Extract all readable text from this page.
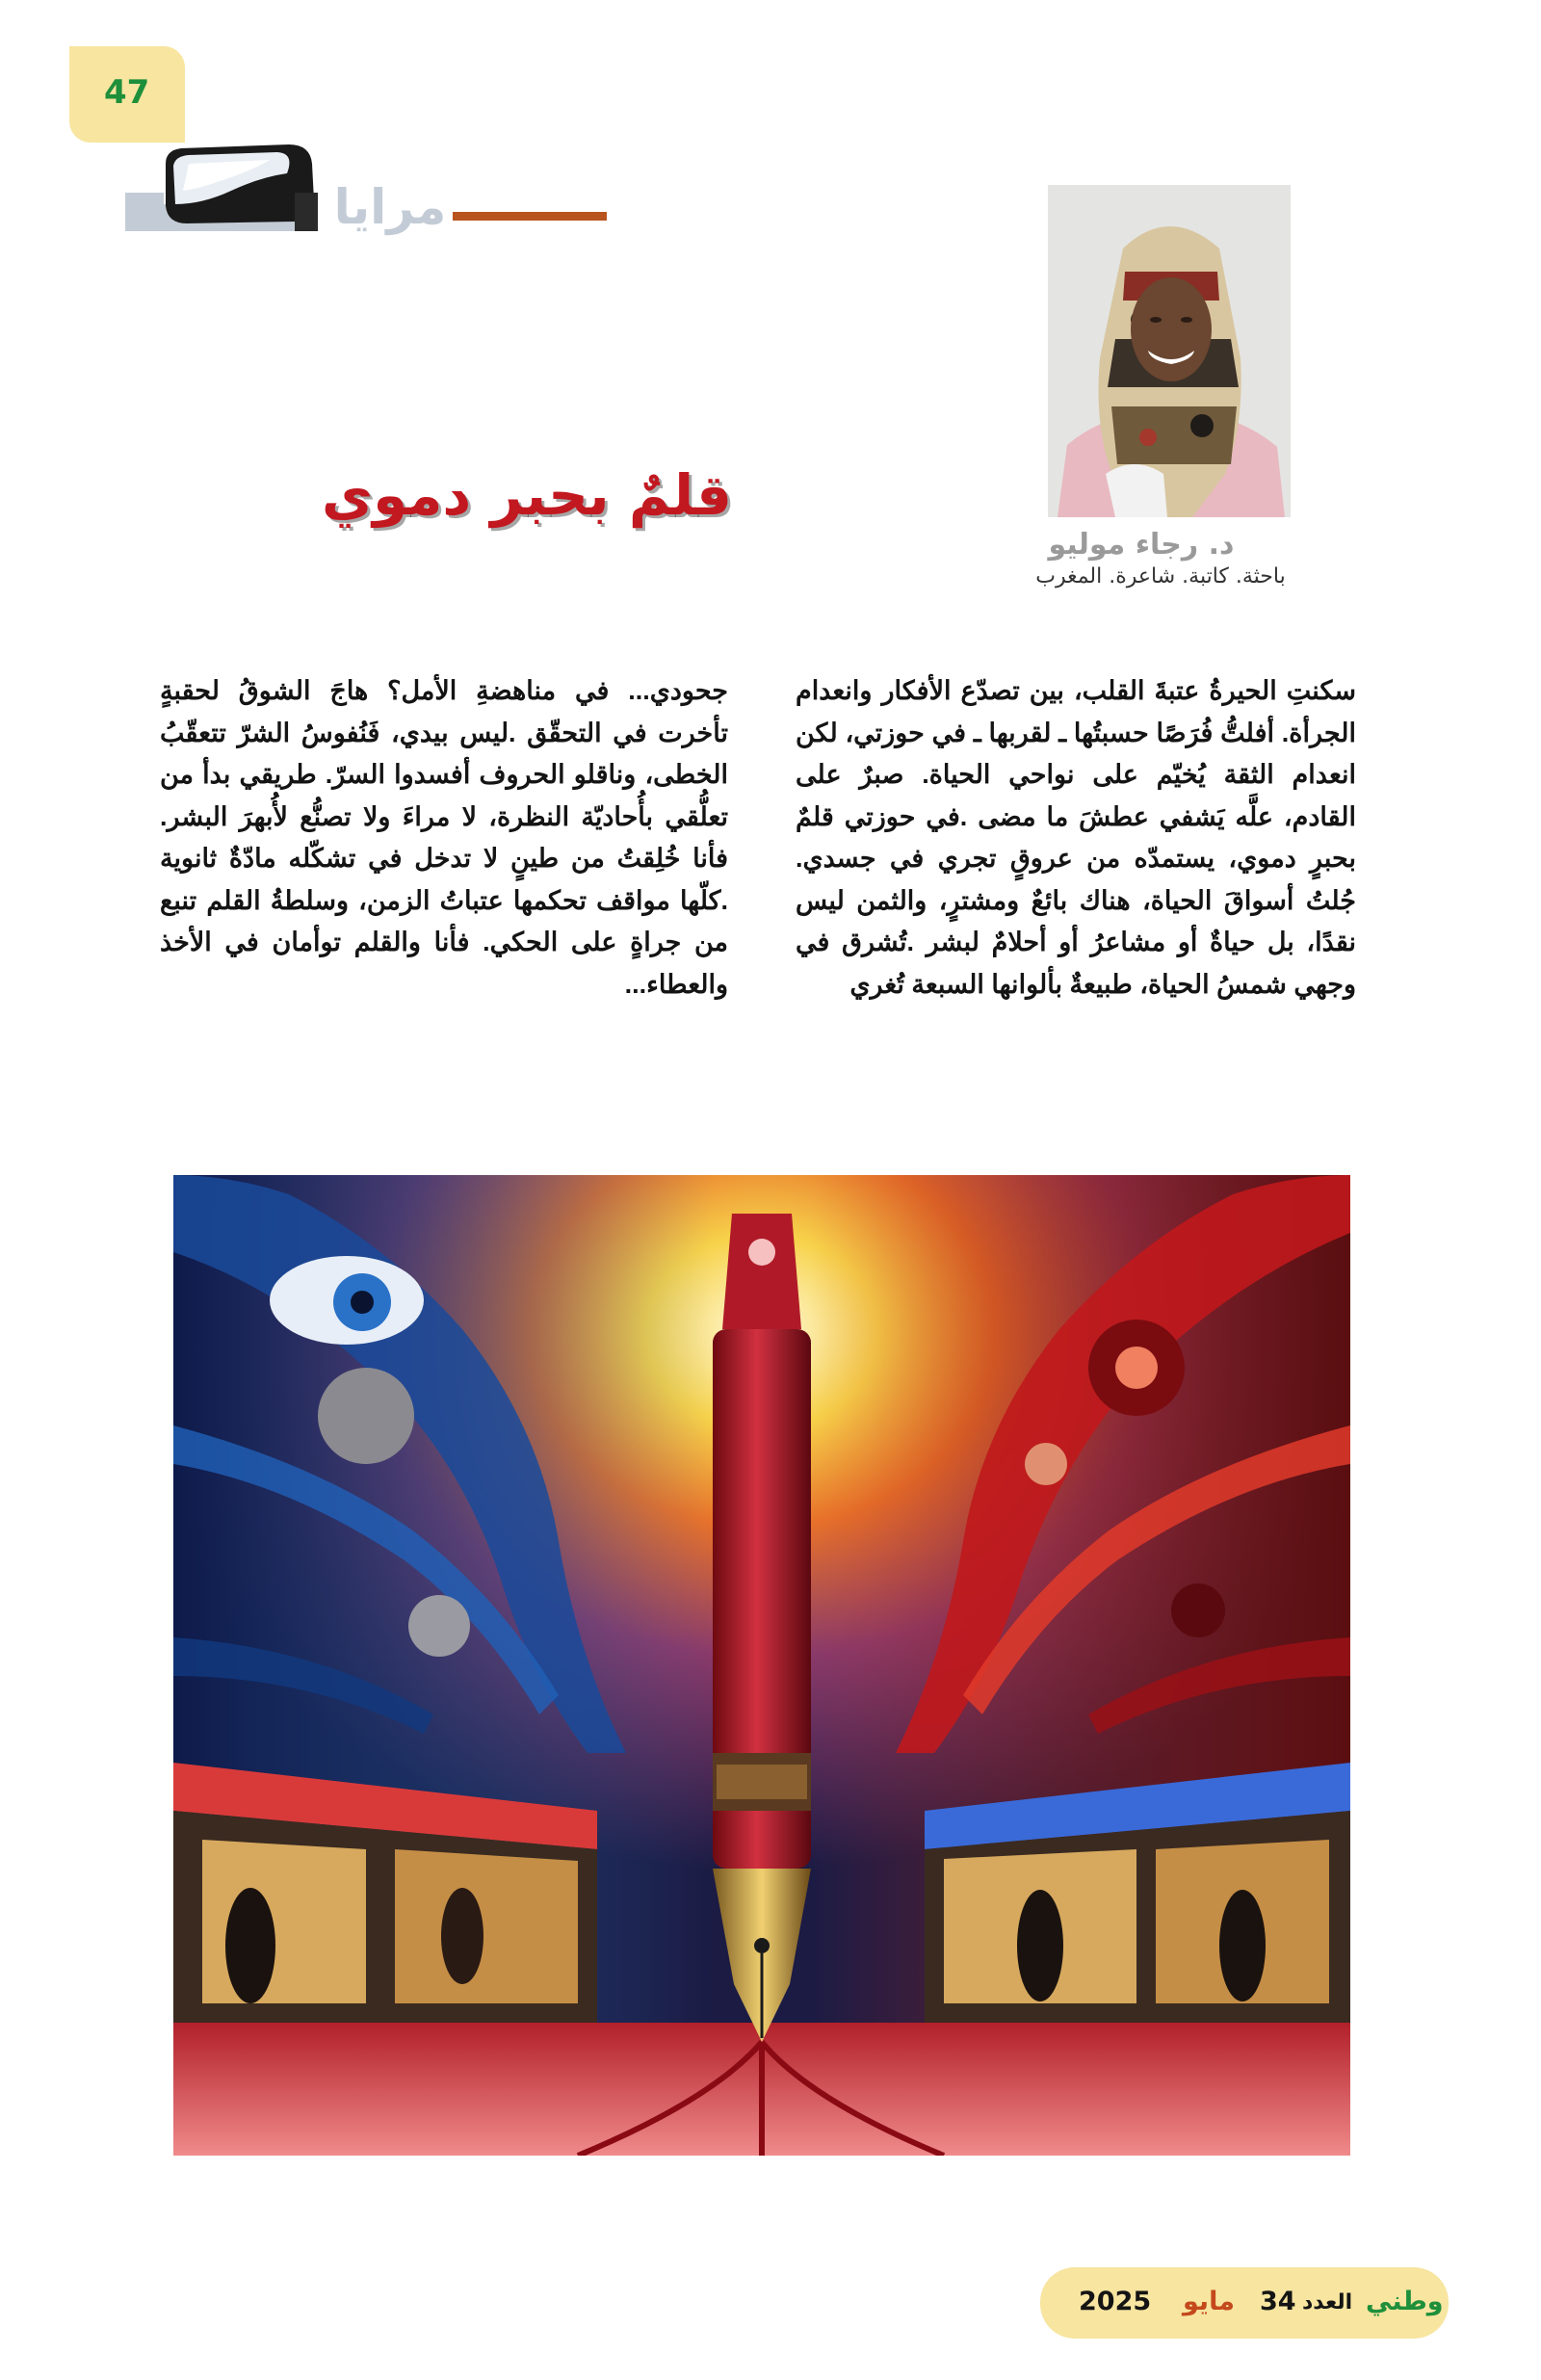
47
مرايا
د. رجاء موليو
باحثة. كاتبة. شاعرة. المغرب
قلمٌ بحبر دموي
سكنتِ الحيرةُ عتبةَ القلب، بين تصدّع الأفكار وانعدام الجرأة. أفلتُّ فُرَصًا حسبتُها ـ لقربها ـ في حوزتي، لكن انعدام الثقة يُخيّم على نواحي الحياة. صبرٌ على القادم، علَّه يَشفي عطشَ ما مضى .في حوزتي قلمٌ بحبرٍ دموي، يستمدّه من عروقٍ تجري في جسدي. جُلتُ أسواقَ الحياة، هناك بائعٌ ومشترٍ، والثمن ليس نقدًا، بل حياةٌ أو مشاعرُ أو أحلامٌ لبشر .تُشرق في وجهي شمسُ الحياة، طبيعةٌ بألوانها السبعة تُغري
جحودي... في مناهضةِ الأمل؟ هاجَ الشوقُ لحقبةٍ تأخرت في التحقّق .ليس بيدي، فَنُفوسُ الشرّ تتعقّبُ الخطى، وناقلو الحروف أفسدوا السرّ. طريقي بدأ من تعلُّقي بأُحاديّة النظرة، لا مراءَ ولا تصنُّع لأُبهرَ البشر. فأنا خُلِقتُ من طينٍ لا تدخل في تشكّله مادّةٌ ثانوية .كلّها مواقف تحكمها عتباتُ الزمن، وسلطةُ القلم تنبع من جراةٍ على الحكي. فأنا والقلم توأمان في الأخذ والعطاء...
2025 مايو 34 العدد وطني
